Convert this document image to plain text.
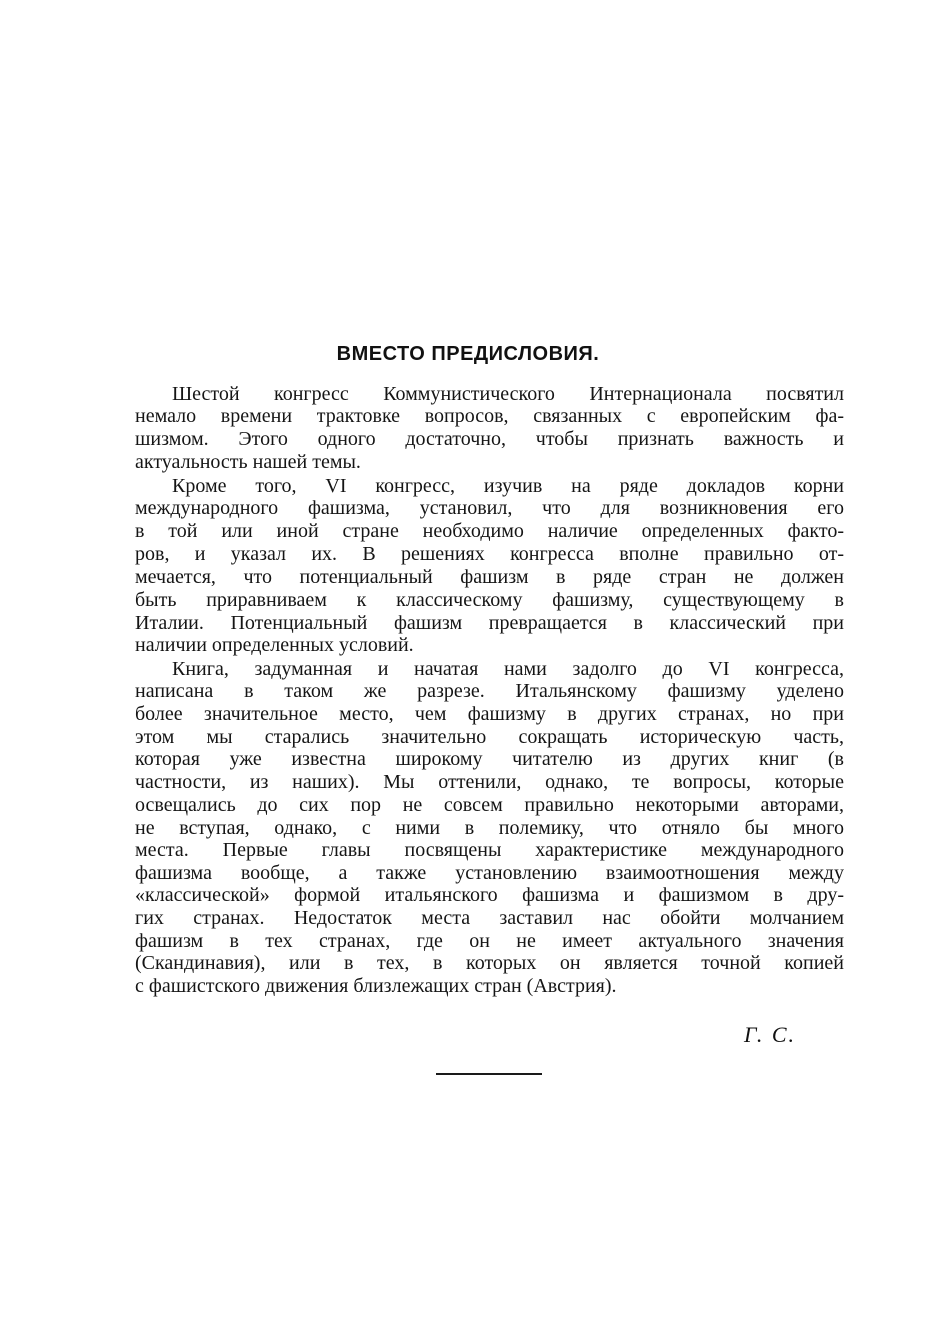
ВМЕСТО ПРЕДИСЛОВИЯ.
Шестой конгресс Коммунистического Интернационала посвятил
немало времени трактовке вопросов, связанных с европейским фа-
шизмом. Этого одного достаточно, чтобы признать важность и
актуальность нашей темы.
Кроме того, VI конгресс, изучив на ряде докладов корни
международного фашизма, установил, что для возникновения его
в той или иной стране необходимо наличие определенных факто-
ров, и указал их. В решениях конгресса вполне правильно от-
мечается, что потенциальный фашизм в ряде стран не должен
быть приравниваем к классическому фашизму, существующему в
Италии. Потенциальный фашизм превращается в классический при
наличии определенных условий.
Книга, задуманная и начатая нами задолго до VI конгресса,
написана в таком же разрезе. Итальянскому фашизму уделено
более значительное место, чем фашизму в других странах, но при
этом мы старались значительно сокращать историческую часть,
которая уже известна широкому читателю из других книг (в
частности, из наших). Мы оттенили, однако, те вопросы, которые
освещались до сих пор не совсем правильно некоторыми авторами,
не вступая, однако, с ними в полемику, что отняло бы много
места. Первые главы посвящены характеристике международного
фашизма вообще, а также установлению взаимоотношения между
«классической» формой итальянского фашизма и фашизмом в дру-
гих странах. Недостаток места заставил нас обойти молчанием
фашизм в тех странах, где он не имеет актуального значения
(Скандинавия), или в тех, в которых он является точной копией
с фашистского движения близлежащих стран (Австрия).
Г. С.
